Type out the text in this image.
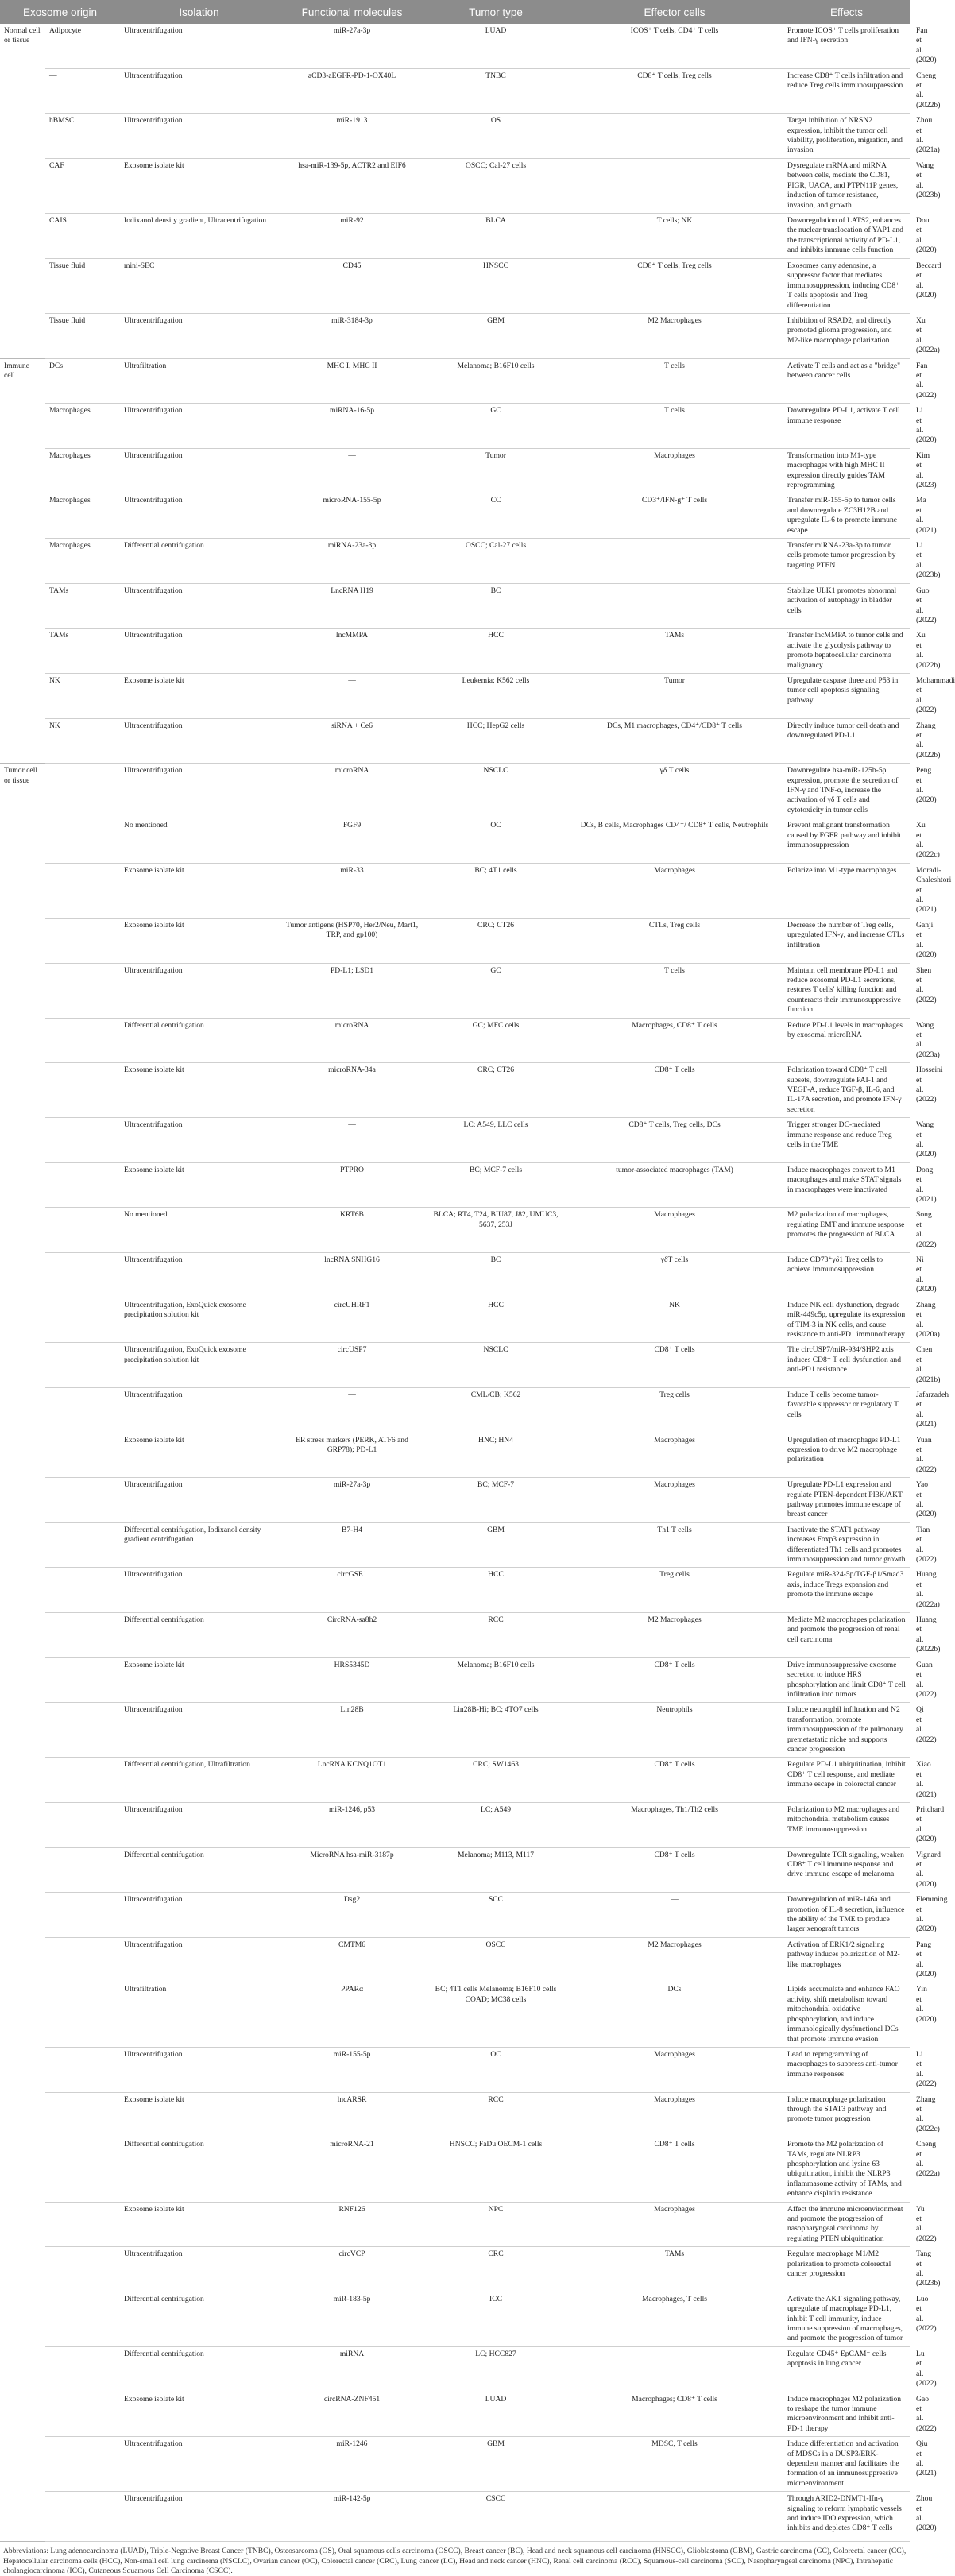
Exosome origin		Isolation	Functional molecules	Tumor type	Effector cells	Effects	Refs
Normal cell or tissue	Adipocyte	Ultracentrifugation	miR-27a-3p	LUAD	ICOS⁺ T cells, CD4⁺ T cells	Promote ICOS⁺ T cells proliferation and IFN-γ secretion	Fan et al. (2020)
	—	Ultracentrifugation	aCD3-aEGFR-PD-1-OX40L	TNBC	CD8⁺ T cells, Treg cells	Increase CD8⁺ T cells infiltration and reduce Treg cells immunosuppression	Cheng et al. (2022b)
	hBMSC	Ultracentrifugation	miR-1913	OS		Target inhibition of NRSN2 expression, inhibit the tumor cell viability, proliferation, migration, and invasion	Zhou et al. (2021a)
	CAF	Exosome isolate kit	hsa-miR-139-5p, ACTR2 and EIF6	OSCC; Cal-27 cells		Dysregulate mRNA and miRNA between cells, mediate the CD81, PIGR, UACA, and PTPN11P genes, induction of tumor resistance, invasion, and growth	Wang et al. (2023b)
	CAIS	Iodixanol density gradient, Ultracentrifugation	miR-92	BLCA	T cells; NK	Downregulation of LATS2, enhances the nuclear translocation of YAP1 and the transcriptional activity of PD-L1, and inhibits immune cells function	Dou et al. (2020)
	Tissue fluid	mini-SEC	CD45	HNSCC	CD8⁺ T cells, Treg cells	Exosomes carry adenosine, a suppressor factor that mediates immunosuppression, inducing CD8⁺ T cells apoptosis and Treg differentiation	Beccard et al. (2020)
	Tissue fluid	Ultracentrifugation	miR-3184-3p	GBM	M2 Macrophages	Inhibition of RSAD2, and directly promoted glioma progression, and M2-like macrophage polarization	Xu et al. (2022a)
Immune cell	DCs	Ultrafiltration	MHC I, MHC II	Melanoma; B16F10 cells	T cells	Activate T cells and act as a "bridge" between cancer cells	Fan et al. (2022)
	Macrophages	Ultracentrifugation	miRNA-16-5p	GC	T cells	Downregulate PD-L1, activate T cell immune response	Li et al. (2020)
	Macrophages	Ultracentrifugation	—	Tumor	Macrophages	Transformation into M1-type macrophages with high MHC II expression directly guides TAM reprogramming	Kim et al. (2023)
	Macrophages	Ultracentrifugation	microRNA-155-5p	CC	CD3⁺/IFN-g⁺ T cells	Transfer miR-155-5p to tumor cells and downregulate ZC3H12B and upregulate IL-6 to promote immune escape	Ma et al. (2021)
	Macrophages	Differential centrifugation	miRNA-23a-3p	OSCC; Cal-27 cells		Transfer miRNA-23a-3p to tumor cells promote tumor progression by targeting PTEN	Li et al. (2023b)
	TAMs	Ultracentrifugation	LncRNA H19	BC		Stabilize ULK1 promotes abnormal activation of autophagy in bladder cells	Guo et al. (2022)
	TAMs	Ultracentrifugation	lncMMPA	HCC	TAMs	Transfer lncMMPA to tumor cells and activate the glycolysis pathway to promote hepatocellular carcinoma malignancy	Xu et al. (2022b)
	NK	Exosome isolate kit	—	Leukemia; K562 cells	Tumor	Upregulate caspase three and P53 in tumor cell apoptosis signaling pathway	Mohammadi et al. (2022)
	NK	Ultracentrifugation	siRNA + Ce6	HCC; HepG2 cells	DCs, M1 macrophages, CD4⁺/CD8⁺ T cells	Directly induce tumor cell death and downregulated PD-L1	Zhang et al. (2022b)
Tumor cell or tissue		Ultracentrifugation	microRNA	NSCLC	γδ T cells	Downregulate hsa-miR-125b-5p expression, promote the secretion of IFN-γ and TNF-α, increase the activation of γδ T cells and cytotoxicity in tumor cells	Peng et al. (2020)
		No mentioned	FGF9	OC	DCs, B cells, Macrophages CD4⁺/ CD8⁺ T cells, Neutrophils	Prevent malignant transformation caused by FGFR pathway and inhibit immunosuppression	Xu et al. (2022c)
		Exosome isolate kit	miR-33	BC; 4T1 cells	Macrophages	Polarize into M1-type macrophages	Moradi-Chaleshtori et al. (2021)
		Exosome isolate kit	Tumor antigens (HSP70, Her2/Neu, Mart1, TRP, and gp100)	CRC; CT26	CTLs, Treg cells	Decrease the number of Treg cells, upregulated IFN-γ, and increase CTLs infiltration	Ganji et al. (2020)
		Ultracentrifugation	PD-L1; LSD1	GC	T cells	Maintain cell membrane PD-L1 and reduce exosomal PD-L1 secretions, restores T cells' killing function and counteracts their immunosuppressive function	Shen et al. (2022)
		Differential centrifugation	microRNA	GC; MFC cells	Macrophages, CD8⁺ T cells	Reduce PD-L1 levels in macrophages by exosomal microRNA	Wang et al. (2023a)
		Exosome isolate kit	microRNA-34a	CRC; CT26	CD8⁺ T cells	Polarization toward CD8⁺ T cell subsets, downregulate PAI-1 and VEGF-A, reduce TGF-β, IL-6, and IL-17A secretion, and promote IFN-γ secretion	Hosseini et al. (2022)
		Ultracentrifugation	—	LC; A549, LLC cells	CD8⁺ T cells, Treg cells, DCs	Trigger stronger DC-mediated immune response and reduce Treg cells in the TME	Wang et al. (2020)
		Exosome isolate kit	PTPRO	BC; MCF-7 cells	tumor-associated macrophages (TAM)	Induce macrophages convert to M1 macrophages and make STAT signals in macrophages were inactivated	Dong et al. (2021)
		No mentioned	KRT6B	BLCA; RT4, T24, BIU87, J82, UMUC3, 5637, 253J	Macrophages	M2 polarization of macrophages, regulating EMT and immune response promotes the progression of BLCA	Song et al. (2022)
		Ultracentrifugation	lncRNA SNHG16	BC	γδT cells	Induce CD73⁺γδ1 Treg cells to achieve immunosuppression	Ni et al. (2020)
		Ultracentrifugation, ExoQuick exosome precipitation solution kit	circUHRF1	HCC	NK	Induce NK cell dysfunction, degrade miR-449c5p, upregulate its expression of TIM-3 in NK cells, and cause resistance to anti-PD1 immunotherapy	Zhang et al. (2020a)
		Ultracentrifugation, ExoQuick exosome precipitation solution kit	circUSP7	NSCLC	CD8⁺ T cells	The circUSP7/miR-934/SHP2 axis induces CD8⁺ T cell dysfunction and anti-PD1 resistance	Chen et al. (2021b)
		Ultracentrifugation	—	CML/CB; K562	Treg cells	Induce T cells become tumor-favorable suppressor or regulatory T cells	Jafarzadeh et al. (2021)
		Exosome isolate kit	ER stress markers (PERK, ATF6 and GRP78); PD-L1	HNC; HN4	Macrophages	Upregulation of macrophages PD-L1 expression to drive M2 macrophage polarization	Yuan et al. (2022)
		Ultracentrifugation	miR-27a-3p	BC; MCF-7	Macrophages	Upregulate PD-L1 expression and regulate PTEN-dependent PI3K/AKT pathway promotes immune escape of breast cancer	Yao et al. (2020)
		Differential centrifugation, Iodixanol density gradient centrifugation	B7-H4	GBM	Th1 T cells	Inactivate the STAT1 pathway increases Foxp3 expression in differentiated Th1 cells and promotes immunosuppression and tumor growth	Tian et al. (2022)
		Ultracentrifugation	circGSE1	HCC	Treg cells	Regulate miR-324-5p/TGF-β1/Smad3 axis, induce Tregs expansion and promote the immune escape	Huang et al. (2022a)
		Differential centrifugation	CircRNA-sa8h2	RCC	M2 Macrophages	Mediate M2 macrophages polarization and promote the progression of renal cell carcinoma	Huang et al. (2022b)
		Exosome isolate kit	HRS5345D	Melanoma; B16F10 cells	CD8⁺ T cells	Drive immunosuppressive exosome secretion to induce HRS phosphorylation and limit CD8⁺ T cell infiltration into tumors	Guan et al. (2022)
		Ultracentrifugation	Lin28B	Lin28B-Hi; BC; 4TO7 cells	Neutrophils	Induce neutrophil infiltration and N2 transformation, promote immunosuppression of the pulmonary premetastatic niche and supports cancer progression	Qi et al. (2022)
		Differential centrifugation, Ultrafiltration	LncRNA KCNQ1OT1	CRC; SW1463	CD8⁺ T cells	Regulate PD-L1 ubiquitination, inhibit CD8⁺ T cell response, and mediate immune escape in colorectal cancer	Xiao et al. (2021)
		Ultracentrifugation	miR-1246, p53	LC; A549	Macrophages, Th1/Th2 cells	Polarization to M2 macrophages and mitochondrial metabolism causes TME immunosuppression	Pritchard et al. (2020)
		Differential centrifugation	MicroRNA hsa-miR-3187p	Melanoma; M113, M117	CD8⁺ T cells	Downregulate TCR signaling, weaken CD8⁺ T cell immune response and drive immune escape of melanoma	Vignard et al. (2020)
		Ultracentrifugation	Dsg2	SCC	—	Downregulation of miR-146a and promotion of IL-8 secretion, influence the ability of the TME to produce larger xenograft tumors	Flemming et al. (2020)
		Ultracentrifugation	CMTM6	OSCC	M2 Macrophages	Activation of ERK1/2 signaling pathway induces polarization of M2-like macrophages	Pang et al. (2020)
		Ultrafiltration	PPARα	BC; 4T1 cells Melanoma; B16F10 cells COAD; MC38 cells	DCs	Lipids accumulate and enhance FAO activity, shift metabolism toward mitochondrial oxidative phosphorylation, and induce immunologically dysfunctional DCs that promote immune evasion	Yin et al. (2020)
		Ultracentrifugation	miR-155-5p	OC	Macrophages	Lead to reprogramming of macrophages to suppress anti-tumor immune responses	Li et al. (2022)
		Exosome isolate kit	lncARSR	RCC	Macrophages	Induce macrophage polarization through the STAT3 pathway and promote tumor progression	Zhang et al. (2022c)
		Differential centrifugation	microRNA-21	HNSCC; FaDu OECM-1 cells	CD8⁺ T cells	Promote the M2 polarization of TAMs, regulate NLRP3 phosphorylation and lysine 63 ubiquitination, inhibit the NLRP3 inflammasome activity of TAMs, and enhance cisplatin resistance	Cheng et al. (2022a)
		Exosome isolate kit	RNF126	NPC	Macrophages	Affect the immune microenvironment and promote the progression of nasopharyngeal carcinoma by regulating PTEN ubiquitination	Yu et al. (2022)
		Ultracentrifugation	circVCP	CRC	TAMs	Regulate macrophage M1/M2 polarization to promote colorectal cancer progression	Tang et al. (2023b)
		Differential centrifugation	miR-183-5p	ICC	Macrophages, T cells	Activate the AKT signaling pathway, upregulate of macrophage PD-L1, inhibit T cell immunity, induce immune suppression of macrophages, and promote the progression of tumor	Luo et al. (2022)
		Differential centrifugation	miRNA	LC; HCC827		Regulate CD45⁺ EpCAM⁻ cells apoptosis in lung cancer	Lu et al. (2022)
		Exosome isolate kit	circRNA-ZNF451	LUAD	Macrophages; CD8⁺ T cells	Induce macrophages M2 polarization to reshape the tumor immune microenvironment and inhibit anti-PD-1 therapy	Gao et al. (2022)
		Ultracentrifugation	miR-1246	GBM	MDSC, T cells	Induce differentiation and activation of MDSCs in a DUSP3/ERK-dependent manner and facilitates the formation of an immunosuppressive microenvironment	Qiu et al. (2021)
		Ultracentrifugation	miR-142-5p	CSCC		Through ARID2-DNMT1-Ifn-γ signaling to reform lymphatic vessels and induce IDO expression, which inhibits and depletes CD8⁺ T cells	Zhou et al. (2020)
Abbreviations: Lung adenocarcinoma (LUAD), Triple-Negative Breast Cancer (TNBC), Osteosarcoma (OS), Oral squamous cells carcinoma (OSCC), Breast cancer (BC), Head and neck squamous cell carcinoma (HNSCC), Glioblastoma (GBM), Gastric carcinoma (GC), Colorectal cancer (CC), Hepatocellular carcinoma cells (HCC), Non-small cell lung carcinoma (NSCLC), Ovarian cancer (OC), Colorectal cancer (CRC), Lung cancer (LC), Head and neck cancer (HNC), Renal cell carcinoma (RCC), Squamous-cell carcinoma (SCC), Nasopharyngeal carcinoma (NPC), Intrahepatic cholangiocarcinoma (ICC), Cutaneous Squamous Cell Carcinoma (CSCC).
